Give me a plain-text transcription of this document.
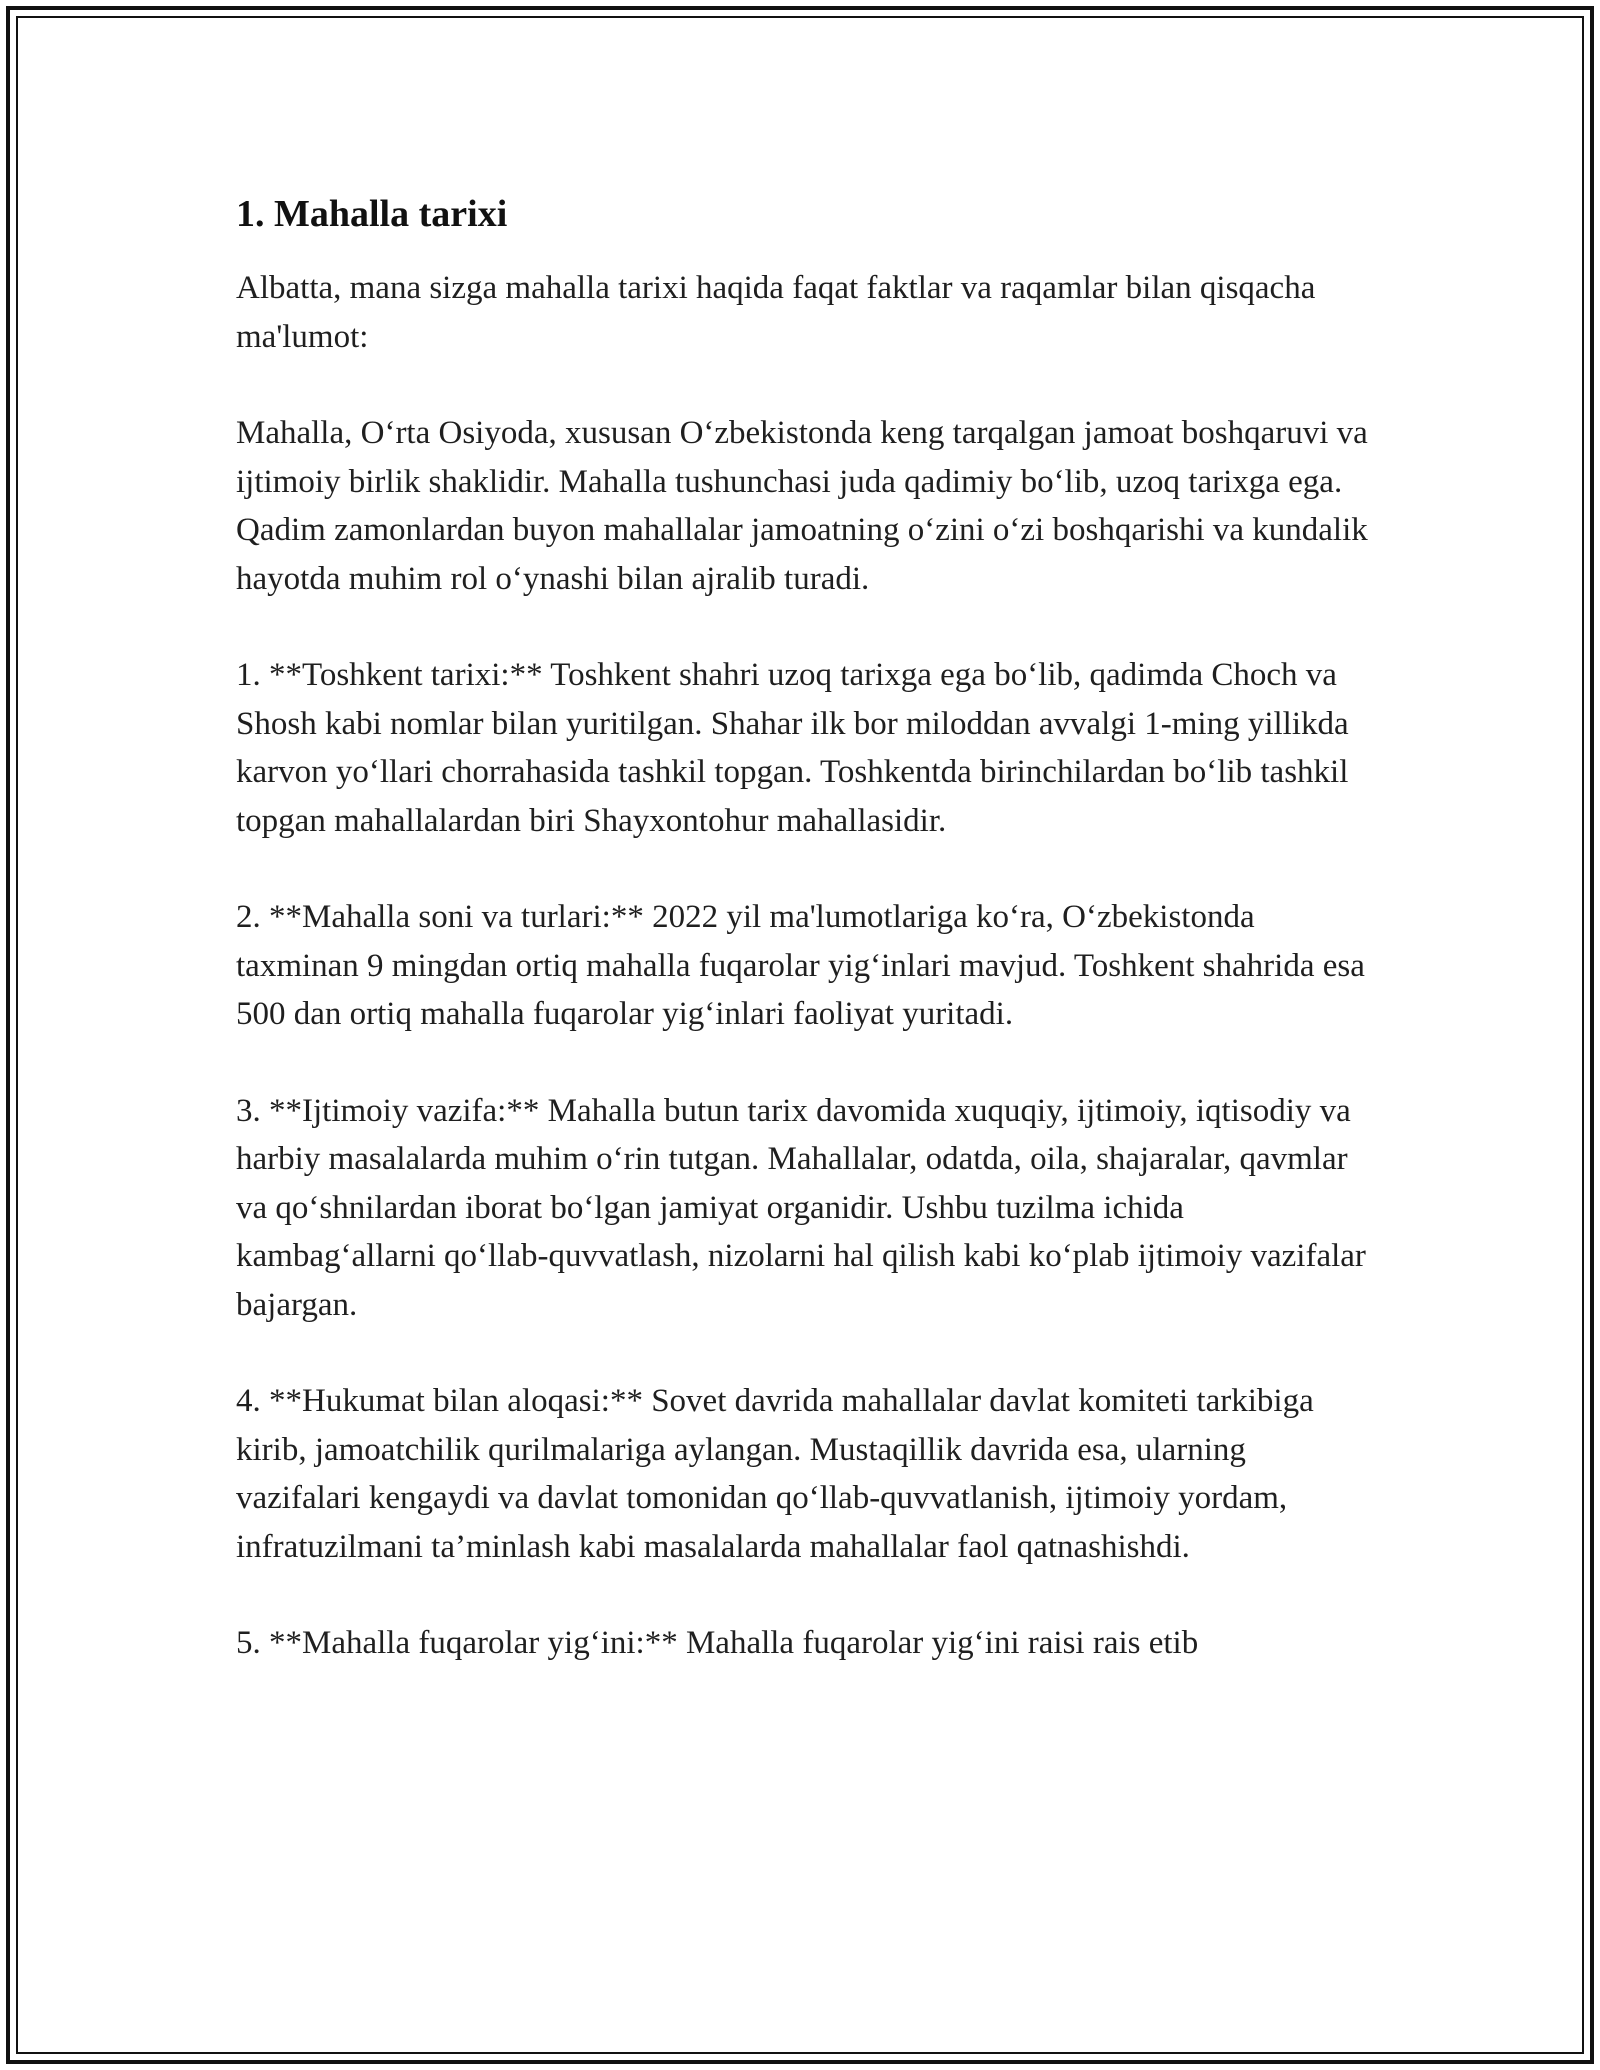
1. Mahalla tarixi

Albatta, mana sizga mahalla tarixi haqida faqat faktlar va raqamlar bilan qisqacha ma'lumot:

Mahalla, O‘rta Osiyoda, xususan O‘zbekistonda keng tarqalgan jamoat boshqaruvi va ijtimoiy birlik shaklidir. Mahalla tushunchasi juda qadimiy bo‘lib, uzoq tarixga ega. Qadim zamonlardan buyon mahallalar jamoatning o‘zini o‘zi boshqarishi va kundalik hayotda muhim rol o‘ynashi bilan ajralib turadi.

1. **Toshkent tarixi:** Toshkent shahri uzoq tarixga ega bo‘lib, qadimda Choch va Shosh kabi nomlar bilan yuritilgan. Shahar ilk bor miloddan avvalgi 1-ming yillikda karvon yo‘llari chorrahasida tashkil topgan. Toshkentda birinchilardan bo‘lib tashkil topgan mahallalardan biri Shayxontohur mahallasidir.

2. **Mahalla soni va turlari:** 2022 yil ma'lumotlariga ko‘ra, O‘zbekistonda taxminan 9 mingdan ortiq mahalla fuqarolar yig‘inlari mavjud. Toshkent shahrida esa 500 dan ortiq mahalla fuqarolar yig‘inlari faoliyat yuritadi.

3. **Ijtimoiy vazifa:** Mahalla butun tarix davomida xuquqiy, ijtimoiy, iqtisodiy va harbiy masalalarda muhim o‘rin tutgan. Mahallalar, odatda, oila, shajaralar, qavmlar va qo‘shnilardan iborat bo‘lgan jamiyat organidir. Ushbu tuzilma ichida kambag‘allarni qo‘llab-quvvatlash, nizolarni hal qilish kabi ko‘plab ijtimoiy vazifalar bajargan.

4. **Hukumat bilan aloqasi:** Sovet davrida mahallalar davlat komiteti tarkibiga kirib, jamoatchilik qurilmalariga aylangan. Mustaqillik davrida esa, ularning vazifalari kengaydi va davlat tomonidan qo‘llab-quvvatlanish, ijtimoiy yordam, infratuzilmani ta’minlash kabi masalalarda mahallalar faol qatnashishdi.

5. **Mahalla fuqarolar yig‘ini:** Mahalla fuqarolar yig‘ini raisi rais etib
